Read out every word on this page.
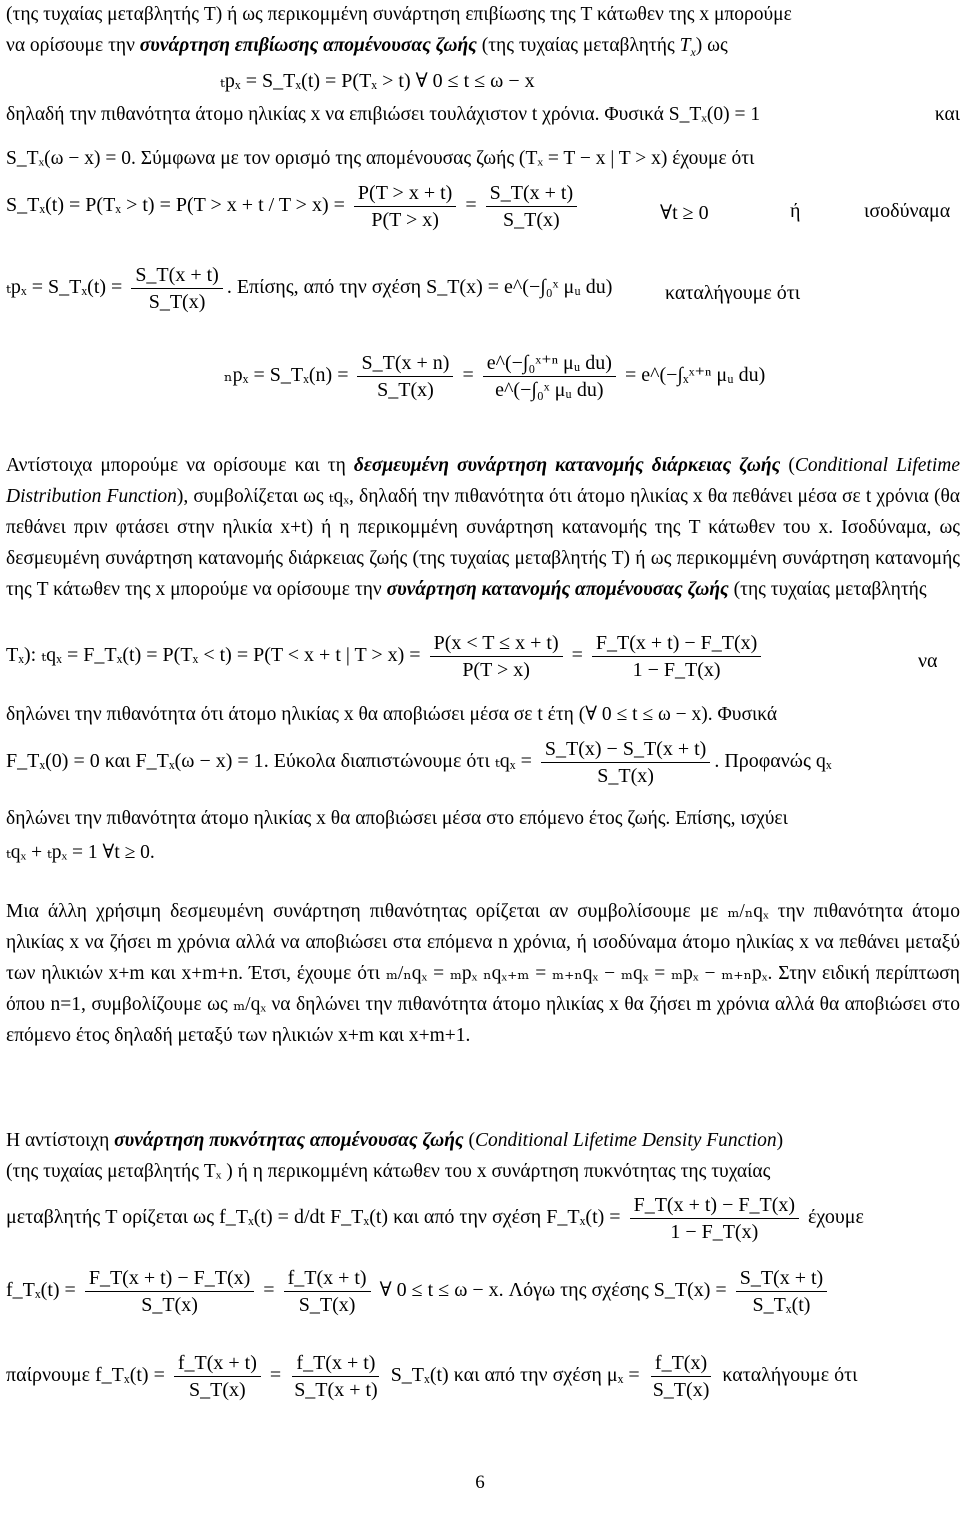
(της τυχαίας μεταβλητής T) ή ως περικομμένη συνάρτηση επιβίωσης της T κάτωθεν της x μπορούμε
να ορίσουμε την συνάρτηση επιβίωσης απομένουσας ζωής (της τυχαίας μεταβλητής $T_x$) ως
ₜpₓ = S_Tₓ(t) = P(Tₓ > t) ∀ 0 ≤ t ≤ ω − x
δηλαδή την πιθανότητα άτομο ηλικίας x να επιβιώσει τουλάχιστον t χρόνια. Φυσικά S_Tₓ(0) = 1	και
S_Tₓ(ω − x) = 0. Σύμφωνα με τον ορισμό της απομένουσας ζωής (Tₓ = T − x | T > x) έχουμε ότι
S_Tₓ(t) = $P(T_x > t) = P(T > x + t / T > x) = \frac{P(T > x + t)}{P(T > x)} = \frac{S\_T(x + t)}{S\_T(x)}$	∀t ≥ 0	ή	ισοδύναμα
ₜpₓ = S_Tₓ(t) = $\frac{S\_T(x + t)}{S\_T(x)}$ . Επίσης, από την σχέση S_T(x) = e^(−∫₀ˣ μᵤ du)	καταλήγουμε ότι
ₙpₓ = S_Tₓ(n) = $\frac{S\_T(x + n)}{S\_T(x)} = \frac{\text{e\textasciicircum{}(−∫₀ˣ⁺ⁿ μᵤ du)}}{\text{e\textasciicircum{}(−∫₀ˣ μᵤ du)}}$ = e^(−∫ₓˣ⁺ⁿ μᵤ du)
Αντίστοιχα μπορούμε να ορίσουμε και τη δεσμευμένη συνάρτηση κατανομής διάρκειας ζωής (Conditional Lifetime Distribution Function), συμβολίζεται ως ₜqₓ, δηλαδή την πιθανότητα ότι άτομο ηλικίας x θα πεθάνει μέσα σε t χρόνια (θα πεθάνει πριν φτάσει στην ηλικία x+t) ή η περικομμένη συνάρτηση κατανομής της T κάτωθεν του x. Ισοδύναμα, ως δεσμευμένη συνάρτηση κατανομής διάρκειας ζωής (της τυχαίας μεταβλητής T) ή ως περικομμένη συνάρτηση κατανομής της T κάτωθεν της x μπορούμε να ορίσουμε την συνάρτηση κατανομής απομένουσας ζωής (της τυχαίας μεταβλητής
Tₓ): ₜqₓ = F_Tₓ(t) = P(Tₓ < t) = P(T < x + t | $T > x) = \frac{P(x < T \le x + t)}{P(T > x)} = \frac{F\_T(x + t) - F\_T(x)}{1 - F\_T(x)}$	να
δηλώνει την πιθανότητα ότι άτομο ηλικίας x θα αποβιώσει μέσα σε t έτη (∀ 0 ≤ t ≤ ω − x). Φυσικά
F_Tₓ(0) = 0 και F_Tₓ(ω − x) = 1. Εύκολα διαπιστώνουμε ότι $_tq_x = \frac{S\_T(x) - S\_T(x + t)}{S\_T(x)}$ . Προφανώς qₓ
δηλώνει την πιθανότητα άτομο ηλικίας x θα αποβιώσει μέσα στο επόμενο έτος ζωής. Επίσης, ισχύει
ₜqₓ + ₜpₓ = 1 ∀t ≥ 0.
Μια άλλη χρήσιμη δεσμευμένη συνάρτηση πιθανότητας ορίζεται αν συμβολίσουμε με ₘ/ₙqₓ την πιθανότητα άτομο ηλικίας x να ζήσει m χρόνια αλλά να αποβιώσει στα επόμενα n χρόνια, ή ισοδύναμα άτομο ηλικίας x να πεθάνει μεταξύ των ηλικιών x+m και x+m+n. Έτσι, έχουμε ότι ₘ/ₙqₓ = ₘpₓ ₙqₓ₊ₘ = ₘ₊ₙqₓ − ₘqₓ = ₘpₓ − ₘ₊ₙpₓ. Στην ειδική περίπτωση όπου n=1, συμβολίζουμε ως ₘ/qₓ να δηλώνει την πιθανότητα άτομο ηλικίας x θα ζήσει m χρόνια αλλά θα αποβιώσει στο επόμενο έτος δηλαδή μεταξύ των ηλικιών x+m και x+m+1.
Η αντίστοιχη συνάρτηση πυκνότητας απομένουσας ζωής (Conditional Lifetime Density Function)
(της τυχαίας μεταβλητής Tₓ ) ή η περικομμένη κάτωθεν του x συνάρτηση πυκνότητας της τυχαίας
μεταβλητής T ορίζεται ως f_Tₓ(t) = d/dt F_Tₓ(t) και από την σχέση F_Tₓ(t) = $\frac{F\_T(x + t) - F\_T(x)}{1 - F\_T(x)}$ έχουμε
f_Tₓ(t) = $\frac{F\_T(x + t) - F\_T(x)}{S\_T(x)} = \frac{f\_T(x + t)}{S\_T(x)}$ ∀ 0 ≤ t ≤ ω − x. Λόγω της σχέσης S_T(x) = $\frac{S\_T(x + t)}{\text{S\_Tₓ(t)}}$
παίρνουμε f_Tₓ(t) = $\frac{f\_T(x + t)}{S\_T(x)} = \frac{f\_T(x + t)}{S\_T(x + t)}$ S_Tₓ(t) και από την σχέση $\mu_x = \frac{f\_T(x)}{S\_T(x)}$ καταλήγουμε ότι
6
